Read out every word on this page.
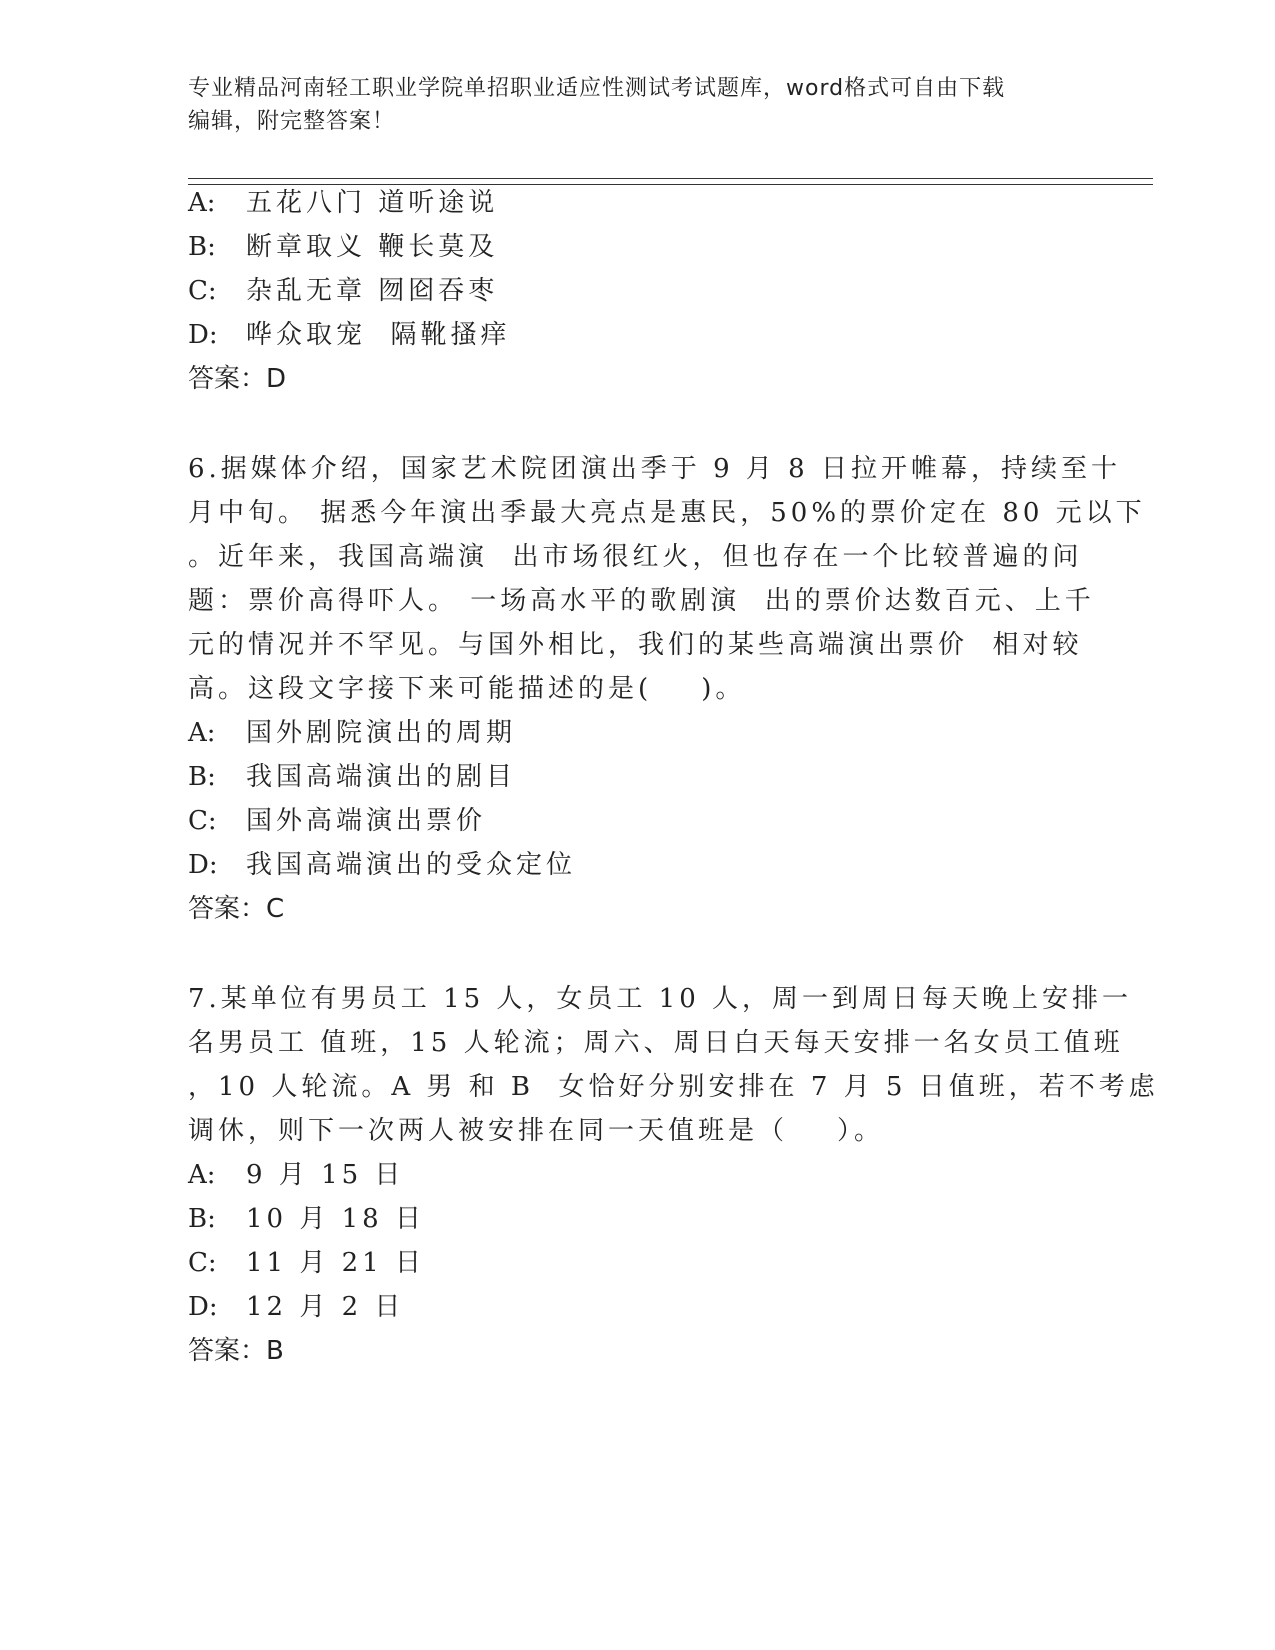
专业精品河南轻工职业学院单招职业适应性测试考试题库，word格式可自由下载
编辑，附完整答案！
A: 五花八门 道听途说
B: 断章取义 鞭长莫及
C: 杂乱无章 囫囵吞枣
D: 哗众取宠  隔靴搔痒
答案：D
6.据媒体介绍，国家艺术院团演出季于 9 月 8 日拉开帷幕，持续至十
月中旬。 据悉今年演出季最大亮点是惠民，50%的票价定在 80 元以下
。近年来，我国高端演  出市场很红火，但也存在一个比较普遍的问
题：票价高得吓人。 一场高水平的歌剧演  出的票价达数百元、上千
元的情况并不罕见。与国外相比，我们的某些高端演出票价  相对较
高。这段文字接下来可能描述的是(    )。
A: 国外剧院演出的周期
B: 我国高端演出的剧目
C: 国外高端演出票价
D: 我国高端演出的受众定位
答案：C
7.某单位有男员工 15 人，女员工 10 人，周一到周日每天晚上安排一
名男员工 值班，15 人轮流；周六、周日白天每天安排一名女员工值班
，10 人轮流。A 男 和 B  女恰好分别安排在 7 月 5 日值班，若不考虑
调休，则下一次两人被安排在同一天值班是（    ）。
A: 9 月 15 日
B: 10 月 18 日
C: 11 月 21 日
D: 12 月 2 日
答案：B
